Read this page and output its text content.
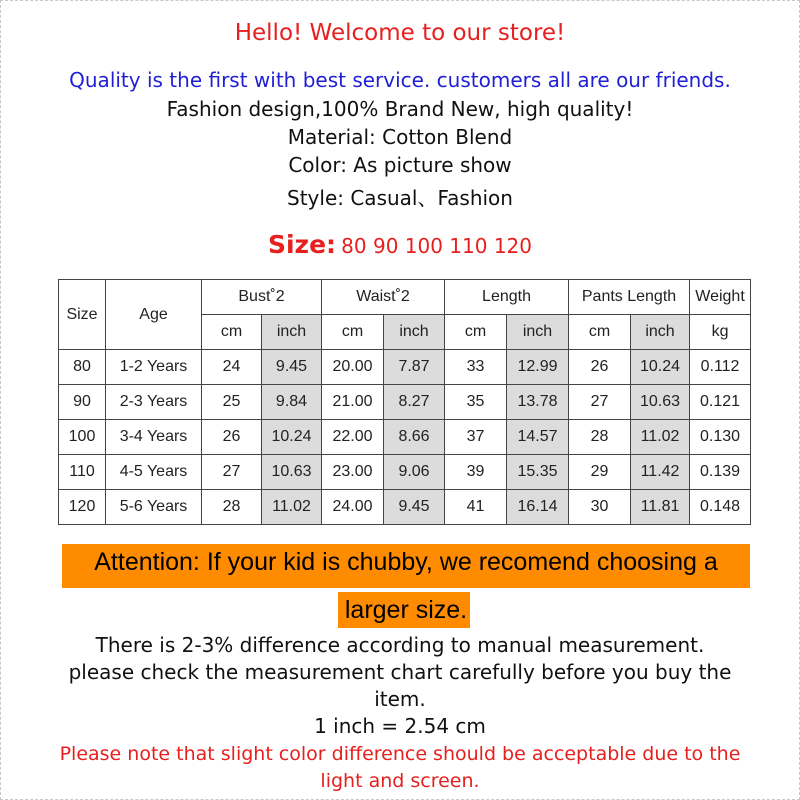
Hello! Welcome to our store!
Quality is the first with best service. customers all are our friends.
Fashion design,100% Brand New, high quality!
Material: Cotton Blend
Color: As picture show
Style: Casual、Fashion
Size: 80 90 100 110 120
Size	Age	Bust˚2		Waist˚2		Length		Pants Length		Weight
		cm	inch	cm	inch	cm	inch	cm	inch	kg
80	1-2 Years	24	9.45	20.00	7.87	33	12.99	26	10.24	0.112
90	2-3 Years	25	9.84	21.00	8.27	35	13.78	27	10.63	0.121
100	3-4 Years	26	10.24	22.00	8.66	37	14.57	28	11.02	0.130
110	4-5 Years	27	10.63	23.00	9.06	39	15.35	29	11.42	0.139
120	5-6 Years	28	11.02	24.00	9.45	41	16.14	30	11.81	0.148
Attention: If your kid is chubby, we recomend choosing a
larger size.
There is 2-3% difference according to manual measurement.
please check the measurement chart carefully before you buy the
item.
1 inch = 2.54 cm
Please note that slight color difference should be acceptable due to the
light and screen.
